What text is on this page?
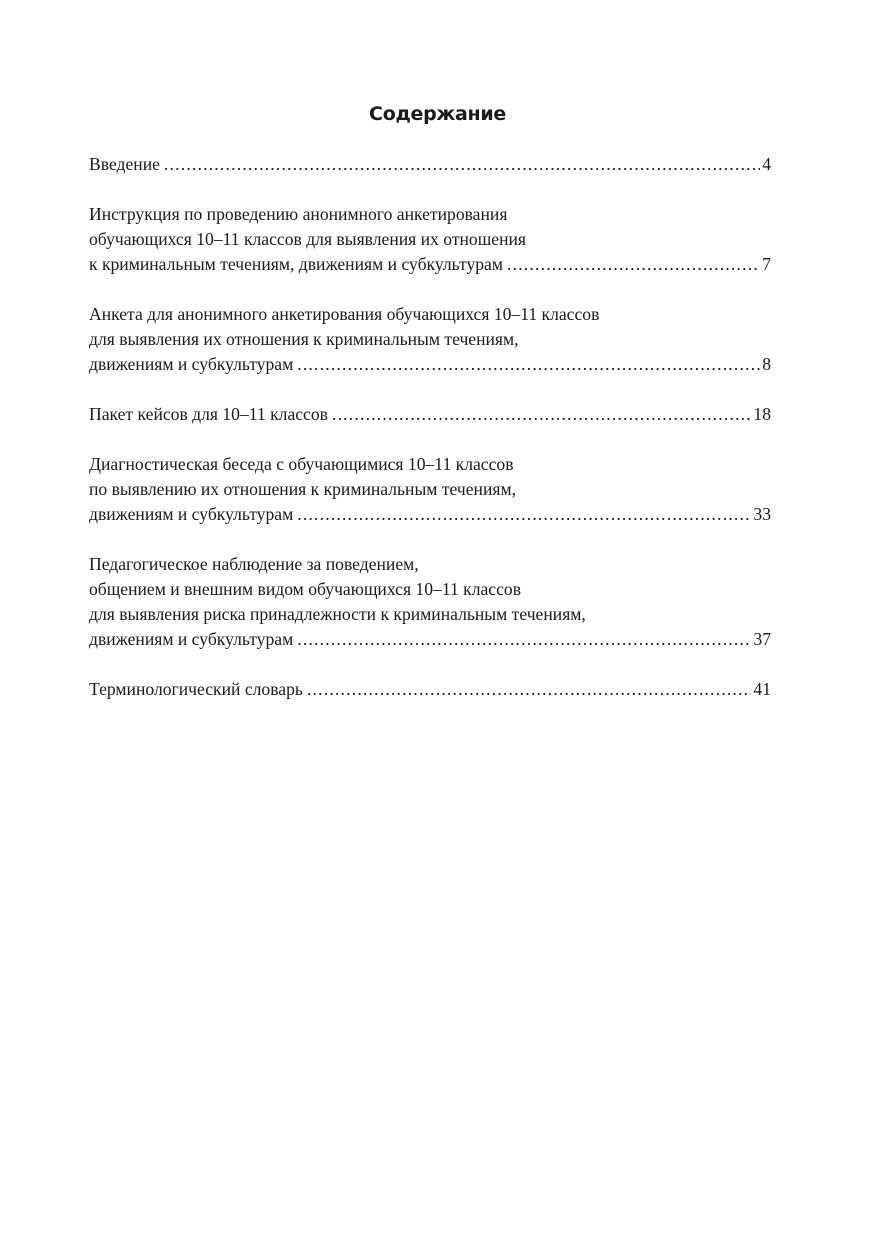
Содержание
Введение .....	4
Инструкция по проведению анонимного анкетирования
обучающихся 10–11 классов для выявления их отношения
к криминальным течениям, движениям и субкультурам .....	7
Анкета для анонимного анкетирования обучающихся 10–11 классов
для выявления их отношения к криминальным течениям,
движениям и субкультурам .....	8
Пакет кейсов для 10–11 классов .....	18
Диагностическая беседа с обучающимися 10–11 классов
по выявлению их отношения к криминальным течениям,
движениям и субкультурам .....	33
Педагогическое наблюдение за поведением,
общением и внешним видом обучающихся 10–11 классов
для выявления риска принадлежности к криминальным течениям,
движениям и субкультурам .....	37
Терминологический словарь .....	41
